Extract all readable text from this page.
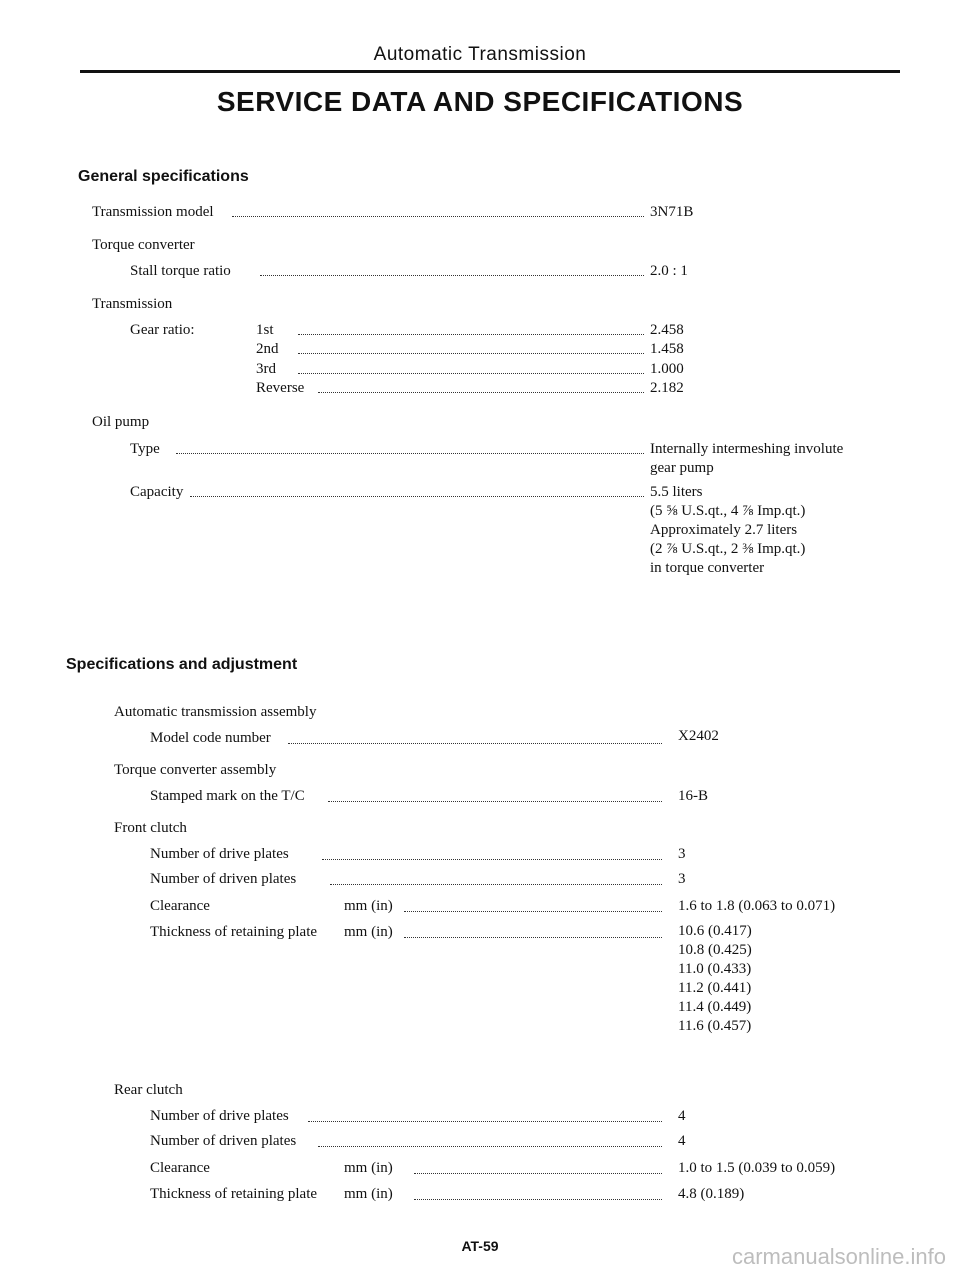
Automatic Transmission
SERVICE DATA AND SPECIFICATIONS
General specifications
Transmission model	3N71B
Torque converter
Stall torque ratio	2.0 : 1
Transmission
Gear ratio:	1st	2.458
2nd	1.458
3rd	1.000
Reverse	2.182
Oil pump
Type	Internally intermeshing involute
gear pump
Capacity	5.5 liters
(5 ⅝ U.S.qt., 4 ⅞ Imp.qt.)
Approximately 2.7 liters
(2 ⅞ U.S.qt., 2 ⅜ Imp.qt.)
in torque converter
Specifications and adjustment
Automatic transmission assembly
Model code number	X2402
Torque converter assembly
Stamped mark on the T/C	16-B
Front clutch
Number of drive plates	3
Number of driven plates	3
Clearance	mm (in)	1.6 to 1.8 (0.063 to 0.071)
Thickness of retaining plate mm (in)	10.6 (0.417)
10.8 (0.425)
11.0 (0.433)
11.2 (0.441)
11.4 (0.449)
11.6 (0.457)
Rear clutch
Number of drive plates	4
Number of driven plates	4
Clearance	mm (in)	1.0 to 1.5 (0.039 to 0.059)
Thickness of retaining plate mm (in)	4.8 (0.189)
AT-59	carmanualsonline.info
